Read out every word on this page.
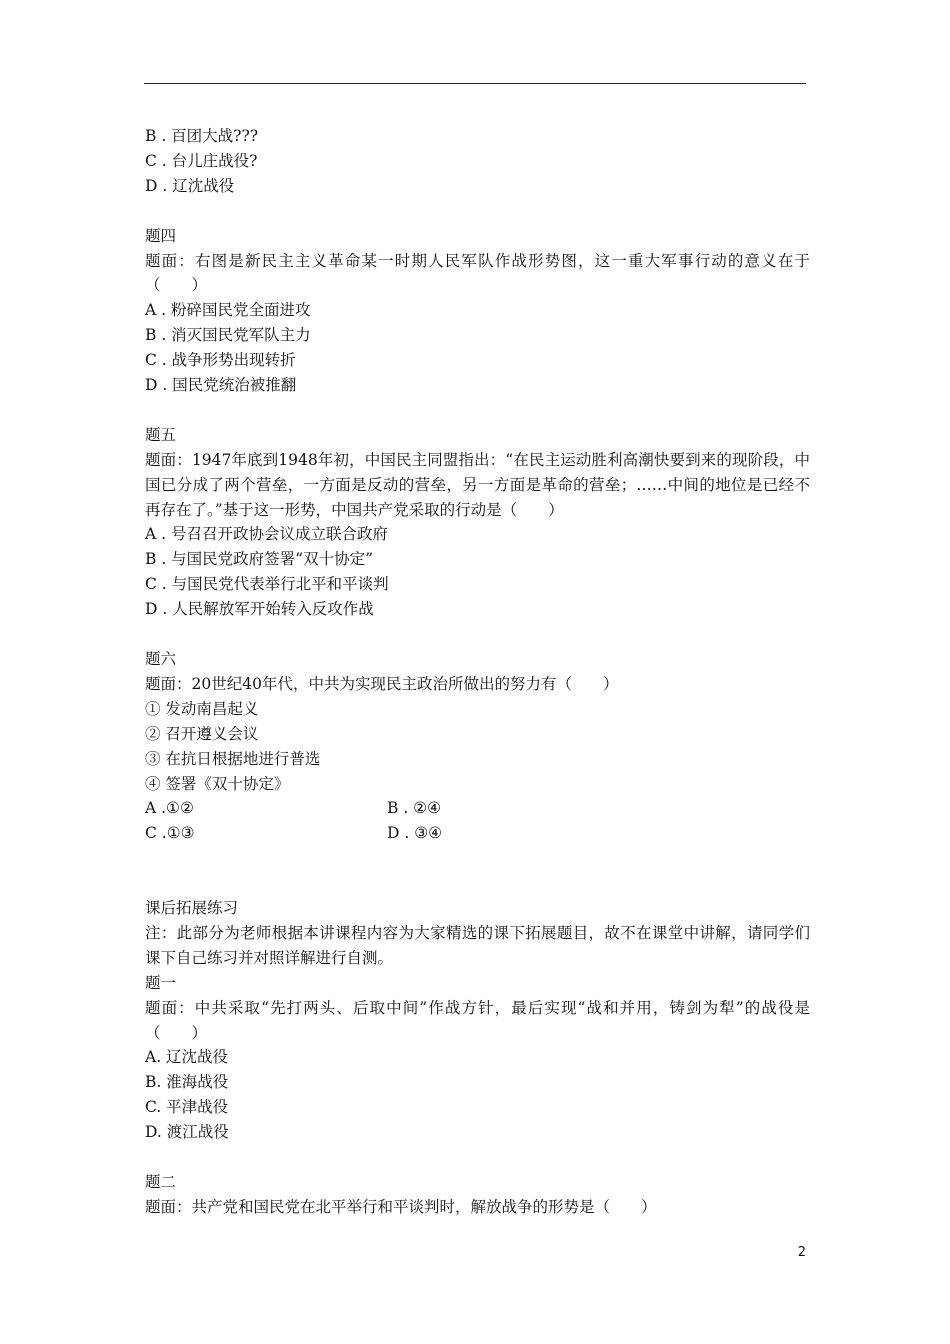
B . 百团大战???

C . 台儿庄战役?

D . 辽沈战役

题四

题面：右图是新民主主义革命某一时期人民军队作战形势图，这一重大军事行动的意义在于（　　）

A . 粉碎国民党全面进攻

B . 消灭国民党军队主力

C . 战争形势出现转折

D . 国民党统治被推翻

题五

题面：1947年底到1948年初，中国民主同盟指出：“在民主运动胜利高潮快要到来的现阶段，中国已分成了两个营垒，一方面是反动的营垒，另一方面是革命的营垒；……中间的地位是已经不再存在了。”基于这一形势，中国共产党采取的行动是（　　）

A . 号召召开政协会议成立联合政府

B . 与国民党政府签署“双十协定”

C . 与国民党代表举行北平和平谈判

D . 人民解放军开始转入反攻作战

题六

题面：20世纪40年代，中共为实现民主政治所做出的努力有（　　）

① 发动南昌起义

② 召开遵义会议

③ 在抗日根据地进行普选

④ 签署《双十协定》

A .①②	B . ②④
C .①③	D . ③④

课后拓展练习

注：此部分为老师根据本讲课程内容为大家精选的课下拓展题目，故不在课堂中讲解，请同学们课下自己练习并对照详解进行自测。

题一

题面：中共采取“先打两头、后取中间”作战方针，最后实现“战和并用，铸剑为犁”的战役是（　　）

A. 辽沈战役

B. 淮海战役

C. 平津战役

D. 渡江战役

题二

题面：共产党和国民党在北平举行和平谈判时，解放战争的形势是（　　）

2
